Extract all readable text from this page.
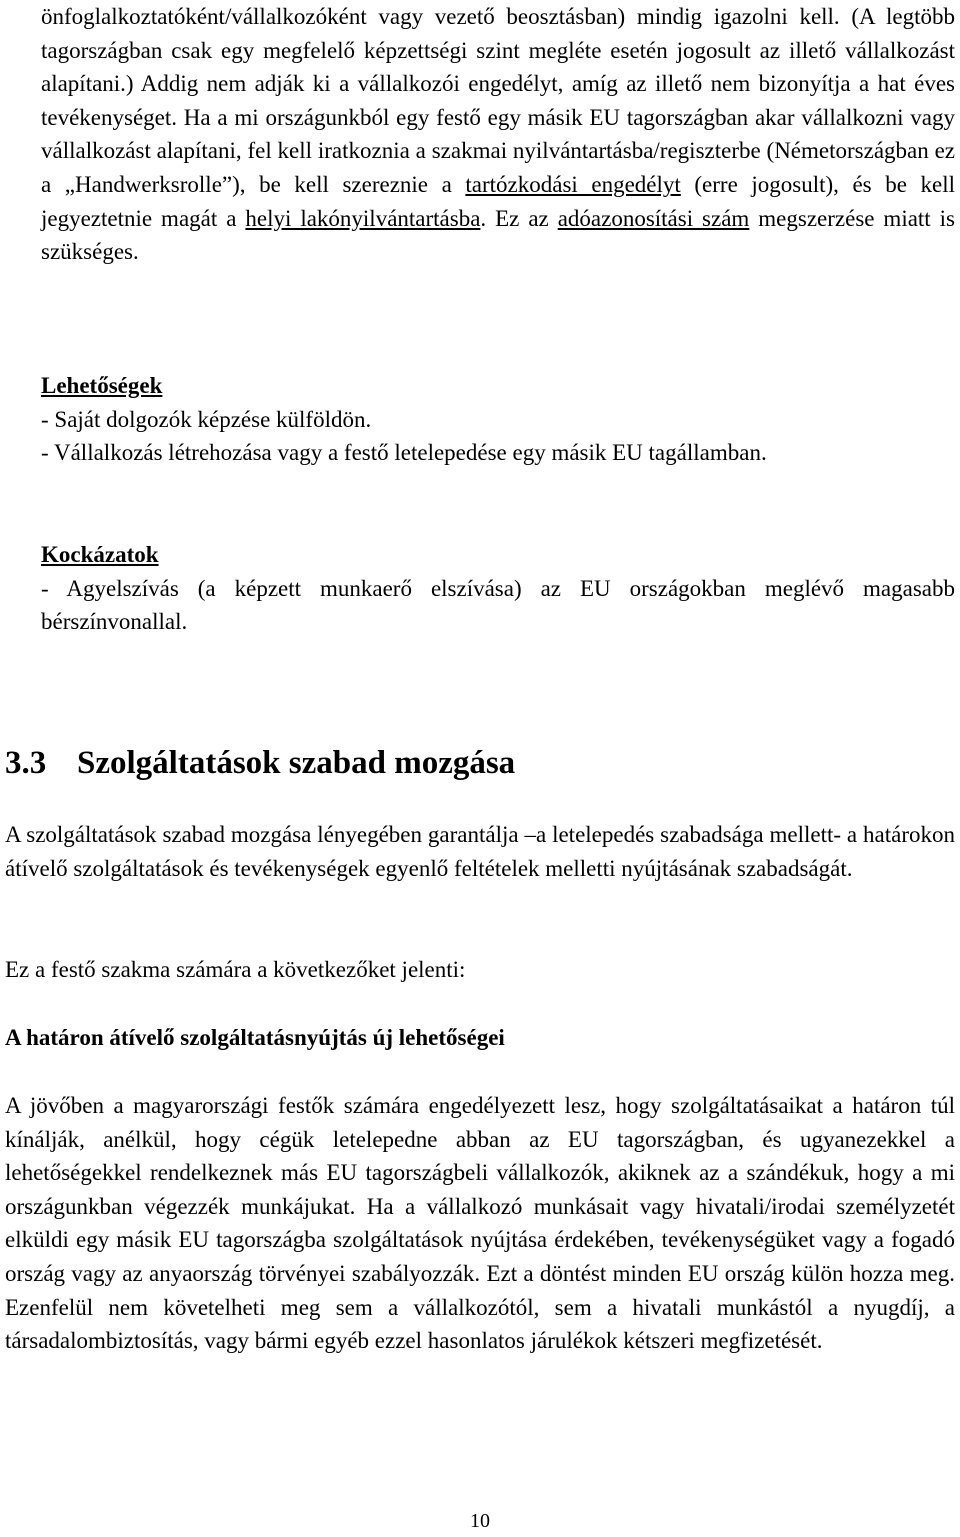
önfoglalkoztatóként/vállalkozóként vagy vezető beosztásban) mindig igazolni kell. (A legtöbb tagországban csak egy megfelelő képzettségi szint megléte esetén jogosult az illető vállalkozást alapítani.) Addig nem adják ki a vállalkozói engedélyt, amíg az illető nem bizonyítja a hat éves tevékenységet. Ha a mi országunkból egy festő egy másik EU tagországban akar vállalkozni vagy vállalkozást alapítani, fel kell iratkoznia a szakmai nyilvántartásba/regiszterbe (Németországban ez a „Handwerksrolle”), be kell szereznie a tartózkodási engedélyt (erre jogosult), és be kell jegyeztetnie magát a helyi lakónyilvántartásba. Ez az adóazonosítási szám megszerzése miatt is szükséges.

Lehetőségek

- Saját dolgozók képzése külföldön.

- Vállalkozás létrehozása vagy a festő letelepedése egy másik EU tagállamban.

Kockázatok

- Agyelszívás (a képzett munkaerő elszívása) az EU országokban meglévő magasabb bérszínvonallal.

3.3 Szolgáltatások szabad mozgása

A szolgáltatások szabad mozgása lényegében garantálja –a letelepedés szabadsága mellett- a határokon átívelő szolgáltatások és tevékenységek egyenlő feltételek melletti nyújtásának szabadságát.

Ez a festő szakma számára a következőket jelenti:

A határon átívelő szolgáltatásnyújtás új lehetőségei

A jövőben a magyarországi festők számára engedélyezett lesz, hogy szolgáltatásaikat a határon túl kínálják, anélkül, hogy cégük letelepedne abban az EU tagországban, és ugyanezekkel a lehetőségekkel rendelkeznek más EU tagországbeli vállalkozók, akiknek az a szándékuk, hogy a mi országunkban végezzék munkájukat. Ha a vállalkozó munkásait vagy hivatali/irodai személyzetét elküldi egy másik EU tagországba szolgáltatások nyújtása érdekében, tevékenységüket vagy a fogadó ország vagy az anyaország törvényei szabályozzák. Ezt a döntést minden EU ország külön hozza meg. Ezenfelül nem követelheti meg sem a vállalkozótól, sem a hivatali munkástól a nyugdíj, a társadalombiztosítás, vagy bármi egyéb ezzel hasonlatos járulékok kétszeri megfizetését.

10
